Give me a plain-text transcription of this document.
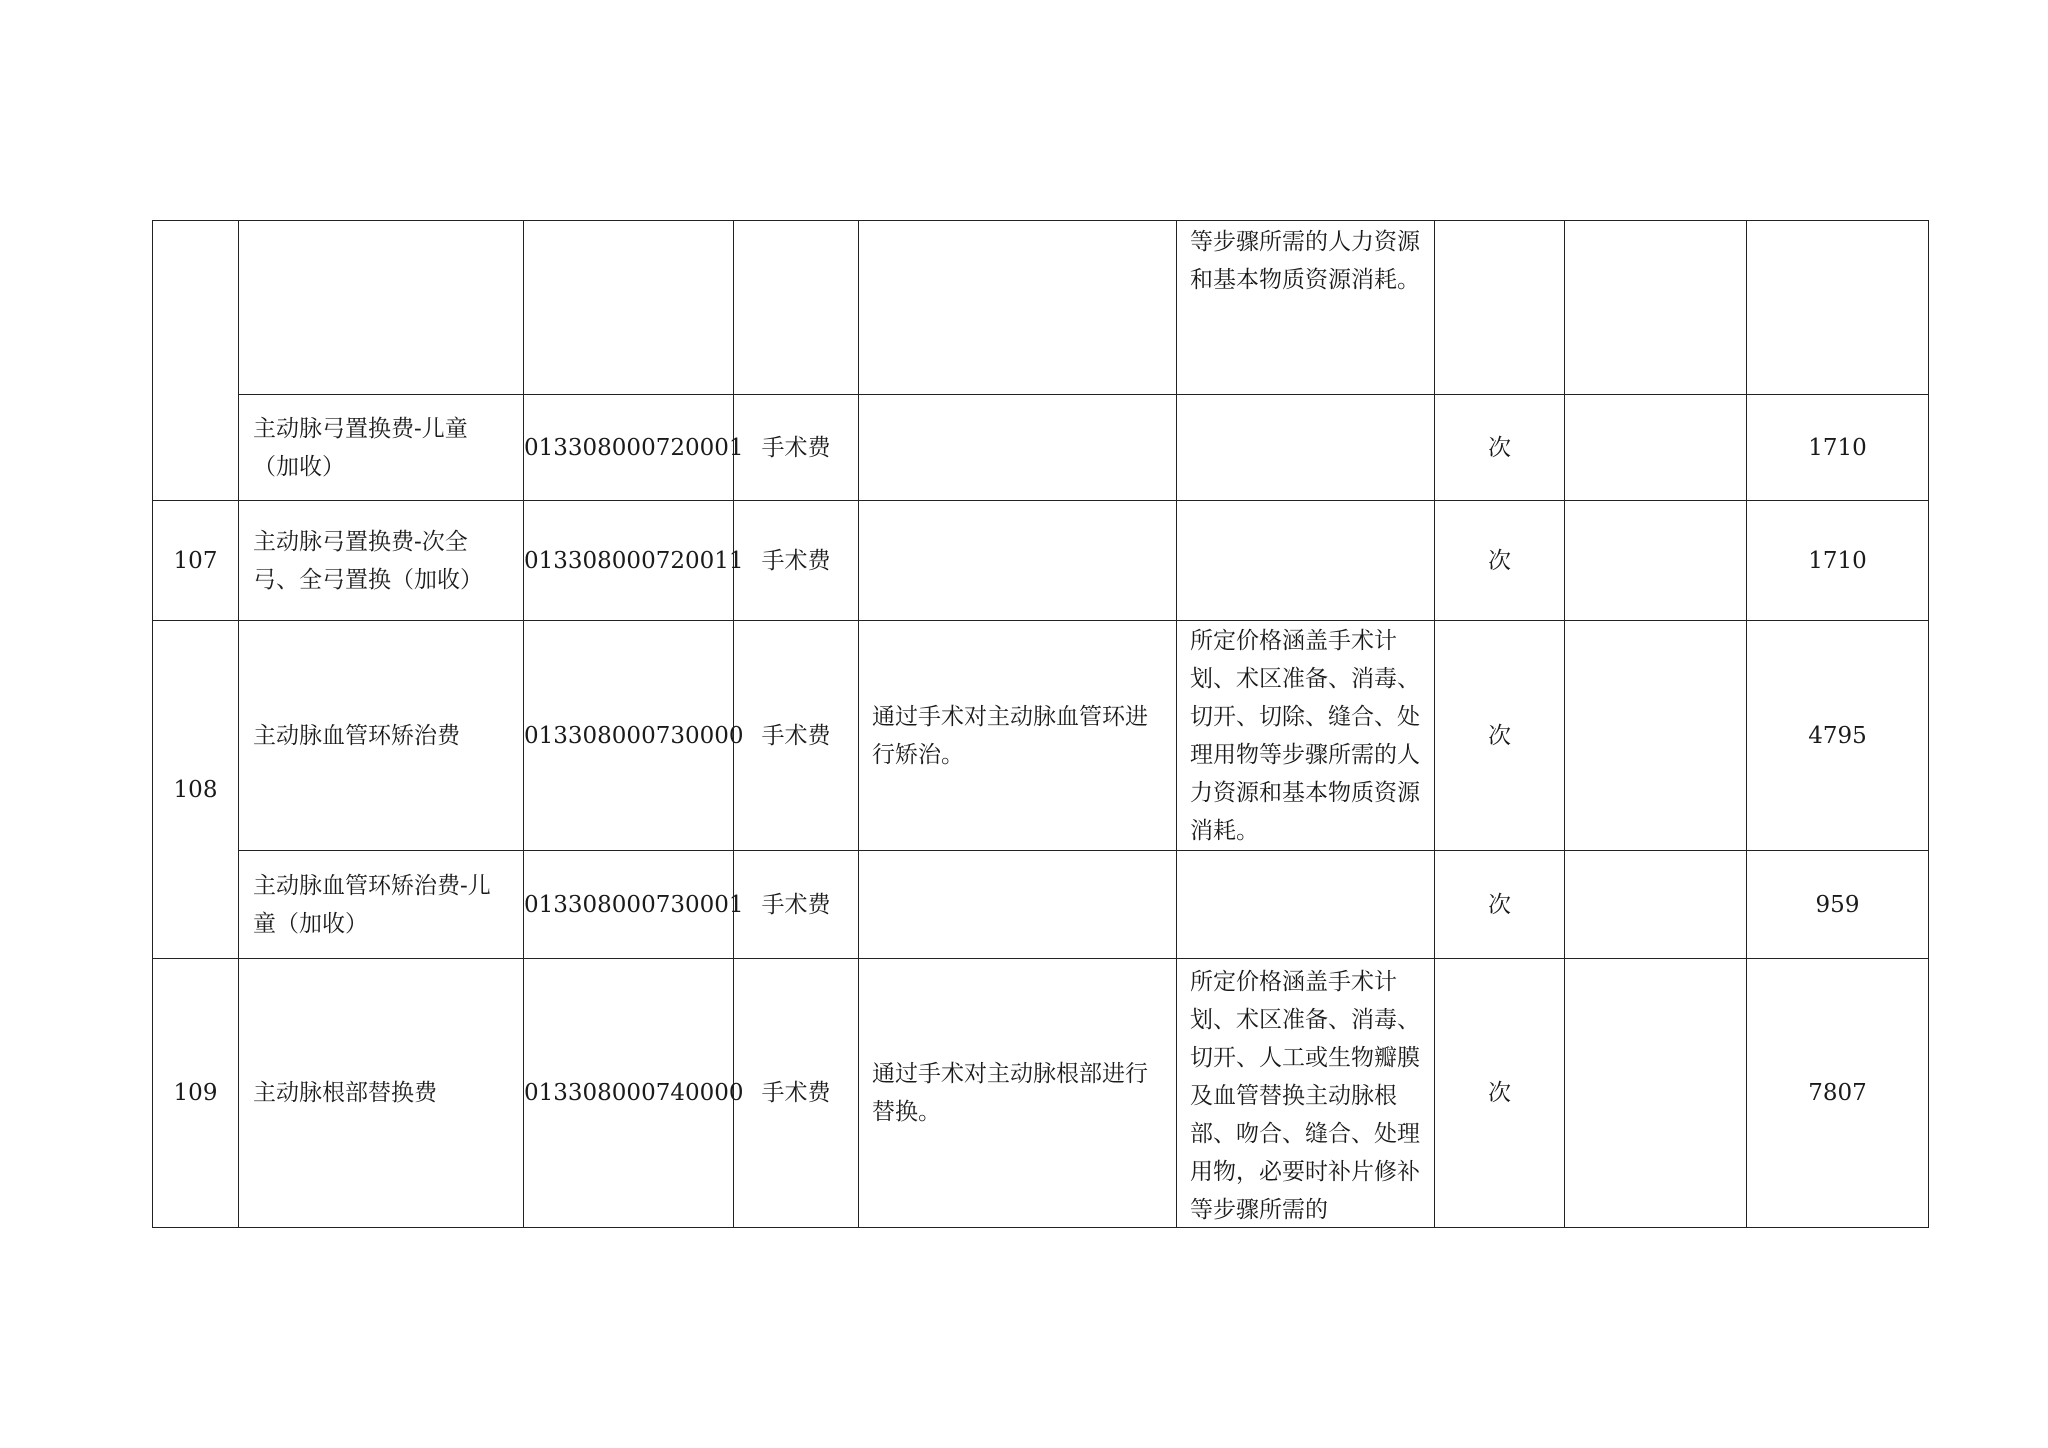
					等步骤所需的人力资源和基本物质资源消耗。			

	主动脉弓置换费-儿童（加收）	013308000720001	手术费			次		1710
107	主动脉弓置换费-次全弓、全弓置换（加收）	013308000720011	手术费			次		1710
108	主动脉血管环矫治费	013308000730000	手术费	通过手术对主动脉血管环进行矫治。	所定价格涵盖手术计划、术区准备、消毒、切开、切除、缝合、处理用物等步骤所需的人力资源和基本物质资源消耗。	次		4795

	主动脉血管环矫治费-儿童（加收）	013308000730001	手术费			次		959
109	主动脉根部替换费	013308000740000	手术费	通过手术对主动脉根部进行替换。	所定价格涵盖手术计划、术区准备、消毒、切开、人工或生物瓣膜及血管替换主动脉根部、吻合、缝合、处理用物，必要时补片修补等步骤所需的	次		7807
